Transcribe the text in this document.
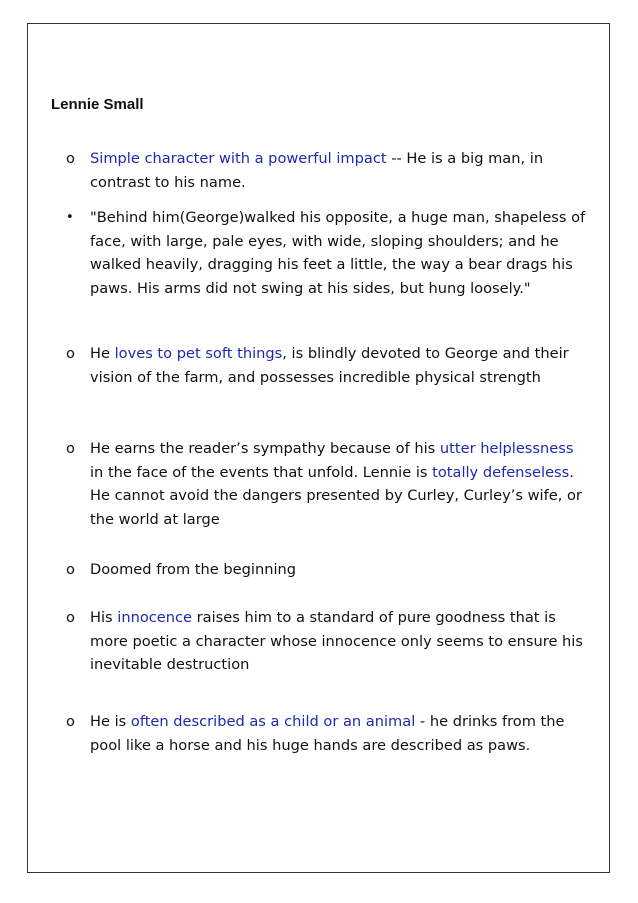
Lennie Small
o	Simple character with a powerful impact -- He is a big man, in contrast to his name.
•	"Behind him(George)walked his opposite, a huge man, shapeless of face, with large, pale eyes, with wide, sloping shoulders; and he walked heavily, dragging his feet a little, the way a bear drags his paws. His arms did not swing at his sides, but hung loosely."
o	He loves to pet soft things, is blindly devoted to George and their vision of the farm, and possesses incredible physical strength
o	He earns the reader’s sympathy because of his utter helplessness in the face of the events that unfold. Lennie is totally defenseless. He cannot avoid the dangers presented by Curley, Curley’s wife, or the world at large
o	Doomed from the beginning
o	His innocence raises him to a standard of pure goodness that is more poetic a character whose innocence only seems to ensure his inevitable destruction
o	He is often described as a child or an animal - he drinks from the pool like a horse and his huge hands are described as paws.
